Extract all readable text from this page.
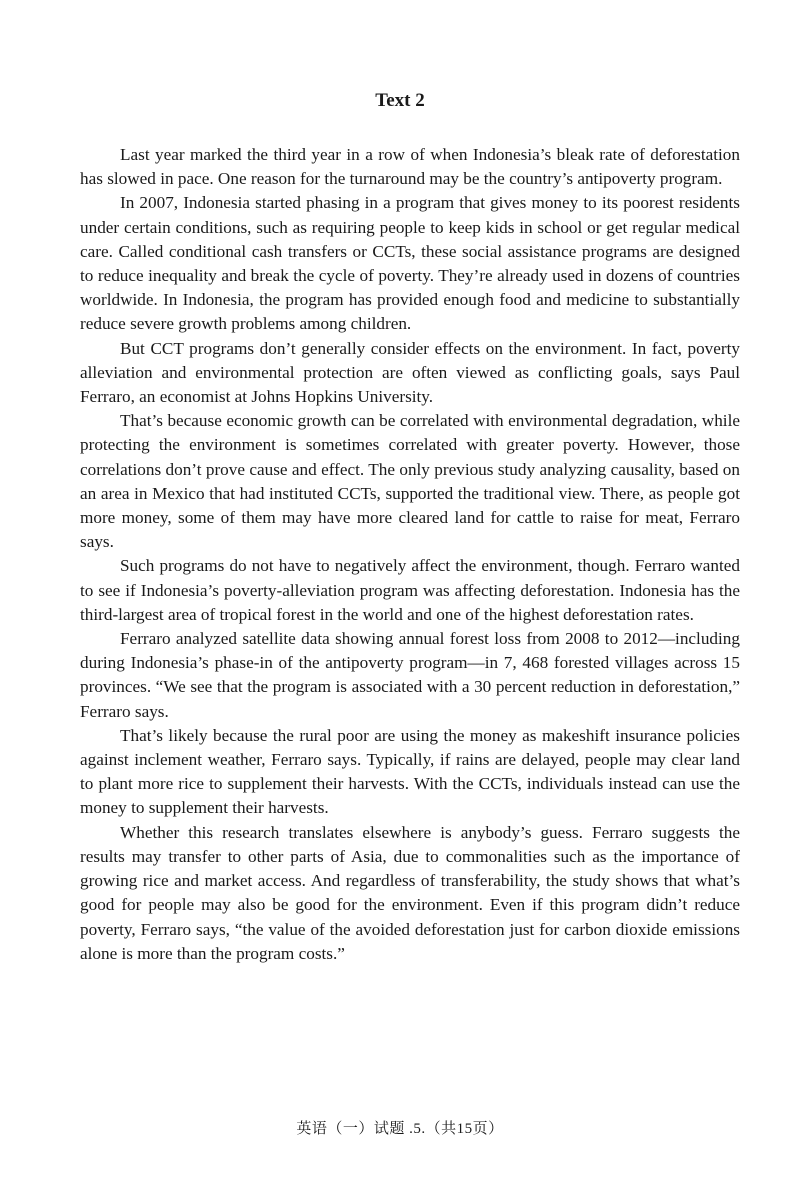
Text 2

Last year marked the third year in a row of when Indonesia’s bleak rate of deforestation has slowed in pace. One reason for the turnaround may be the country’s antipoverty program.

In 2007, Indonesia started phasing in a program that gives money to its poorest residents under certain conditions, such as requiring people to keep kids in school or get regular medical care. Called conditional cash transfers or CCTs, these social assistance programs are designed to reduce inequality and break the cycle of poverty. They’re already used in dozens of countries worldwide. In Indonesia, the program has provided enough food and medicine to substantially reduce severe growth problems among children.

But CCT programs don’t generally consider effects on the environment. In fact, poverty alleviation and environmental protection are often viewed as conflicting goals, says Paul Ferraro, an economist at Johns Hopkins University.

That’s because economic growth can be correlated with environmental degradation, while protecting the environment is sometimes correlated with greater poverty. However, those correlations don’t prove cause and effect. The only previous study analyzing causality, based on an area in Mexico that had instituted CCTs, supported the traditional view. There, as people got more money, some of them may have more cleared land for cattle to raise for meat, Ferraro says.

Such programs do not have to negatively affect the environment, though. Ferraro wanted to see if Indonesia’s poverty-alleviation program was affecting deforestation. Indonesia has the third-largest area of tropical forest in the world and one of the highest deforestation rates.

Ferraro analyzed satellite data showing annual forest loss from 2008 to 2012—including during Indonesia’s phase-in of the antipoverty program—in 7, 468 forested villages across 15 provinces. “We see that the program is associated with a 30 percent reduction in deforestation,” Ferraro says.

That’s likely because the rural poor are using the money as makeshift insurance policies against inclement weather, Ferraro says. Typically, if rains are delayed, people may clear land to plant more rice to supplement their harvests. With the CCTs, individuals instead can use the money to supplement their harvests.

Whether this research translates elsewhere is anybody’s guess. Ferraro suggests the results may transfer to other parts of Asia, due to commonalities such as the importance of growing rice and market access. And regardless of transferability, the study shows that what’s good for people may also be good for the environment. Even if this program didn’t reduce poverty, Ferraro says, “the value of the avoided deforestation just for carbon dioxide emissions alone is more than the program costs.”

英语（一）试题 .5.（共15页）
